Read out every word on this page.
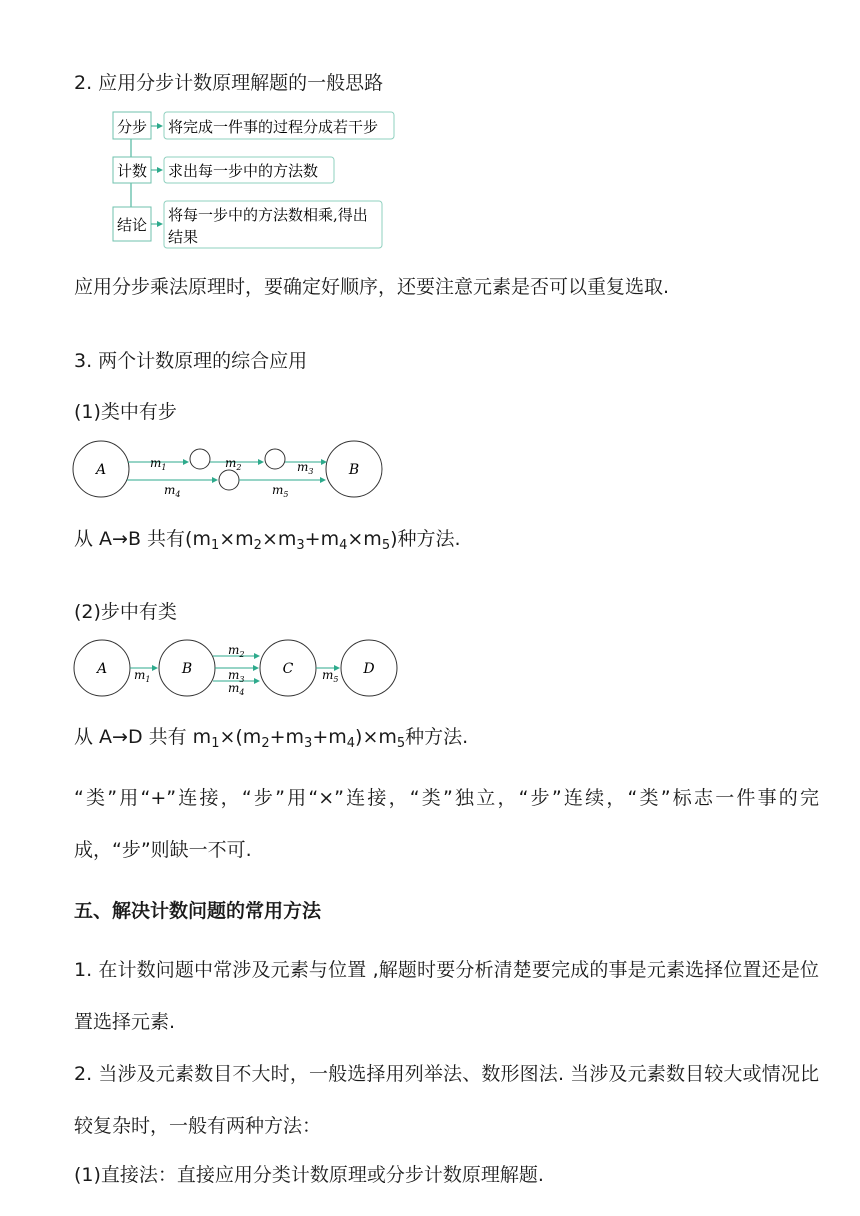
2. 应用分步计数原理解题的一般思路
分步
计数
结论
将完成一件事的过程分成若干步
求出每一步中的方法数
将每一步中的方法数相乘,得出
结果
应用分步乘法原理时，要确定好顺序，还要注意元素是否可以重复选取.
3. 两个计数原理的综合应用
(1)类中有步
A	B
$m_1$	$m_2$	$m_3$
$m_4$	$m_5$
从 A→B 共有$(m_1\times m_2\times m_3+m_4\times m_5)$种方法.
(2)步中有类
A	B	C	D
$m_1$
$m_2$
$m_3$
$m_4$
$m_5$
从 A→D 共有 $m_1\times(m_2+m_3+m_4)\times m_5$种方法.
“类”用“+”连接，“步”用“×”连接，“类”独立，“步”连续，“类”标志一件事的完成，“步”则缺一不可.
五、解决计数问题的常用方法
1. 在计数问题中常涉及元素与位置 ,解题时要分析清楚要完成的事是元素选择位置还是位置选择元素.
2. 当涉及元素数目不大时，一般选择用列举法、数形图法. 当涉及元素数目较大或情况比较复杂时，一般有两种方法：
(1)直接法：直接应用分类计数原理或分步计数原理解题.
